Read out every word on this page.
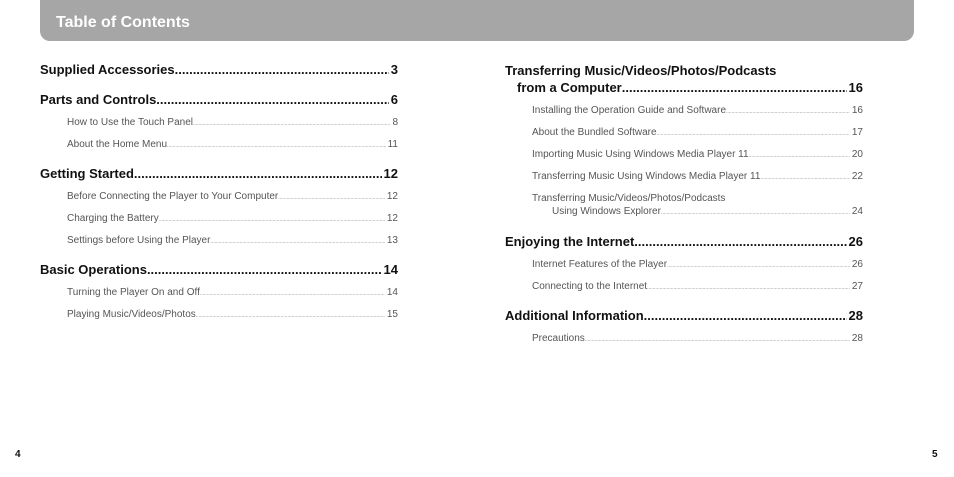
Table of Contents
Supplied Accessories .....	3
Parts and Controls .....	6
How to Use the Touch Panel .....	8
About the Home Menu .....	11
Getting Started .....	12
Before Connecting the Player to Your Computer .....	12
Charging the Battery .....	12
Settings before Using the Player .....	13
Basic Operations .....	14
Turning the Player On and Off .....	14
Playing Music/Videos/Photos .....	15
Transferring Music/Videos/Photos/Podcasts
from a Computer .....	16
Installing the Operation Guide and Software .....	16
About the Bundled Software .....	17
Importing Music Using Windows Media Player 11 .....	20
Transferring Music Using Windows Media Player 11 .....	22
Transferring Music/Videos/Photos/Podcasts
Using Windows Explorer .....	24
Enjoying the Internet .....	26
Internet Features of the Player .....	26
Connecting to the Internet .....	27
Additional Information .....	28
Precautions .....	28
4	5
